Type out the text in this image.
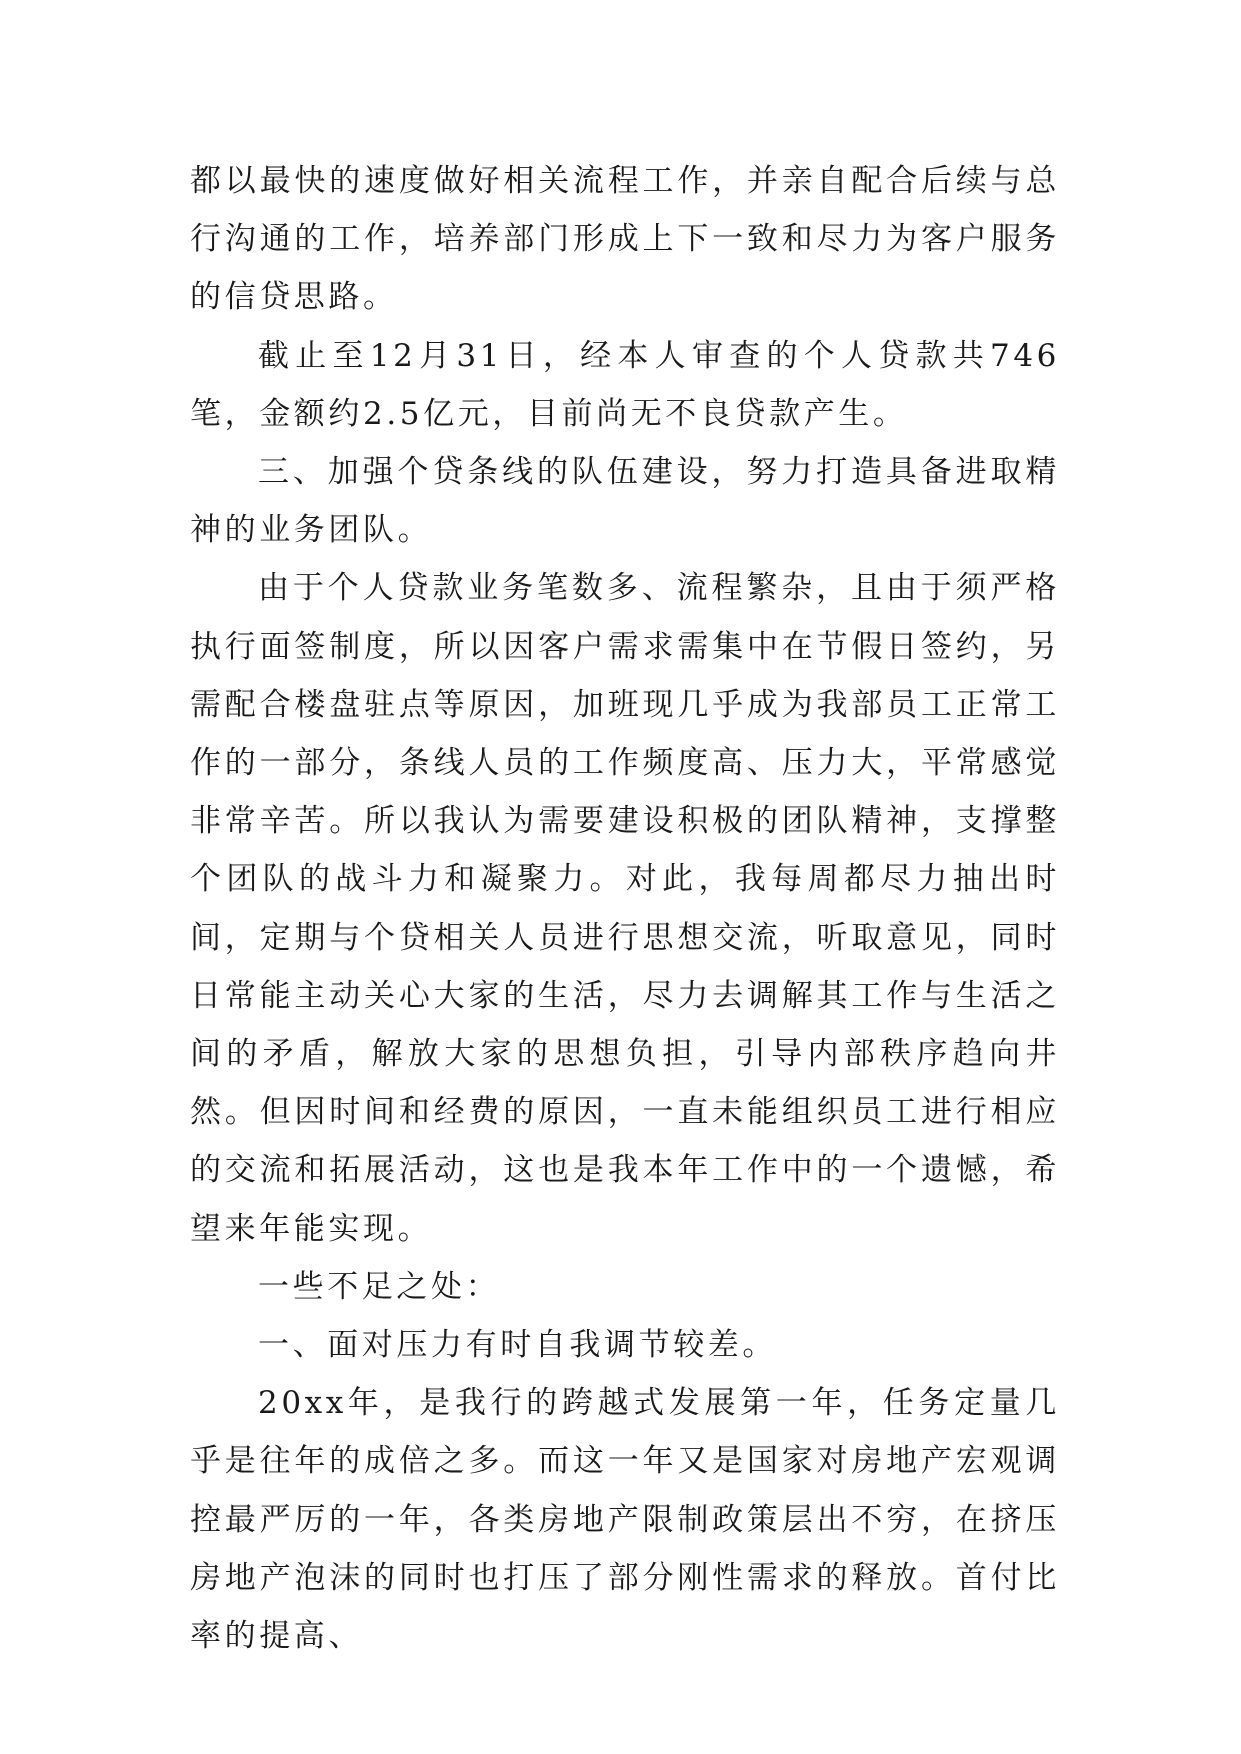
都以最快的速度做好相关流程工作，并亲自配合后续与总行沟通的工作，培养部门形成上下一致和尽力为客户服务的信贷思路。

截止至12月31日，经本人审查的个人贷款共746笔，金额约2.5亿元，目前尚无不良贷款产生。

三、加强个贷条线的队伍建设，努力打造具备进取精神的业务团队。

由于个人贷款业务笔数多、流程繁杂，且由于须严格执行面签制度，所以因客户需求需集中在节假日签约，另需配合楼盘驻点等原因，加班现几乎成为我部员工正常工作的一部分，条线人员的工作频度高、压力大，平常感觉非常辛苦。所以我认为需要建设积极的团队精神，支撑整个团队的战斗力和凝聚力。对此，我每周都尽力抽出时间，定期与个贷相关人员进行思想交流，听取意见，同时日常能主动关心大家的生活，尽力去调解其工作与生活之间的矛盾，解放大家的思想负担，引导内部秩序趋向井然。但因时间和经费的原因，一直未能组织员工进行相应的交流和拓展活动，这也是我本年工作中的一个遗憾，希望来年能实现。

一些不足之处：

一、面对压力有时自我调节较差。

20xx年，是我行的跨越式发展第一年，任务定量几乎是往年的成倍之多。而这一年又是国家对房地产宏观调控最严厉的一年，各类房地产限制政策层出不穷，在挤压房地产泡沫的同时也打压了部分刚性需求的释放。首付比率的提高、
